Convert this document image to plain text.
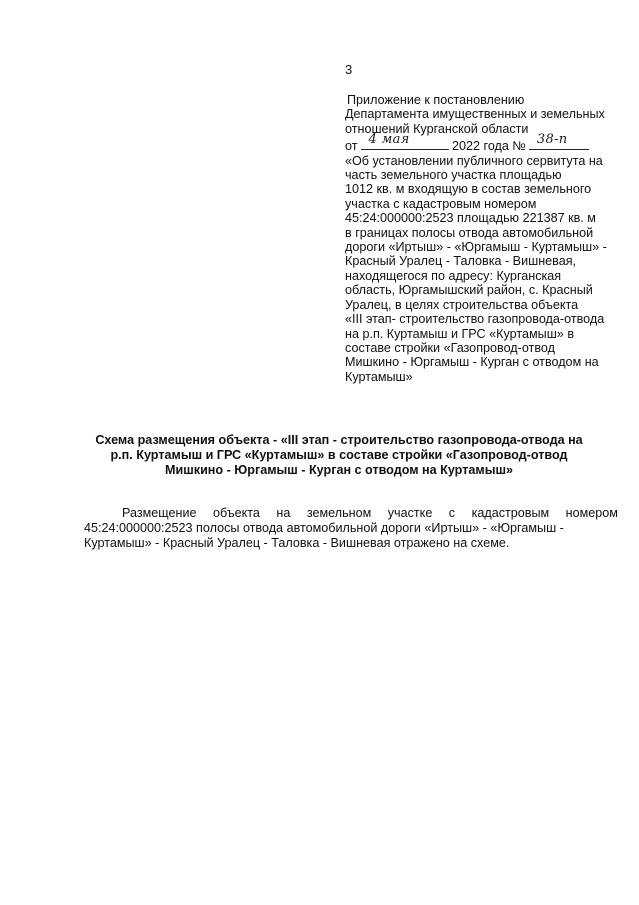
3
Приложение к постановлению
Департамента имущественных и земельных
отношений Курганской области
от 4 мая	2022 года № 38-п
«Об установлении публичного сервитута на
часть земельного участка площадью
1012 кв. м входящую в состав земельного
участка с кадастровым номером
45:24:000000:2523 площадью 221387 кв. м
в границах полосы отвода автомобильной
дороги «Иртыш» - «Юргамыш - Куртамыш» -
Красный Уралец - Таловка - Вишневая,
находящегося по адресу: Курганская
область, Юргамышский район, с. Красный
Уралец, в целях строительства объекта
«III этап- строительство газопровода-отвода
на р.п. Куртамыш и ГРС «Куртамыш» в
составе стройки «Газопровод-отвод
Мишкино - Юргамыш - Курган с отводом на
Куртамыш»
Схема размещения объекта - «III этап - строительство газопровода-отвода на
р.п. Куртамыш и ГРС «Куртамыш» в составе стройки «Газопровод-отвод
Мишкино - Юргамыш - Курган с отводом на Куртамыш»
Размещение объекта на земельном участке с кадастровым номером
45:24:000000:2523 полосы отвода автомобильной дороги «Иртыш» - «Юргамыш -
Куртамыш» - Красный Уралец - Таловка - Вишневая отражено на схеме.
